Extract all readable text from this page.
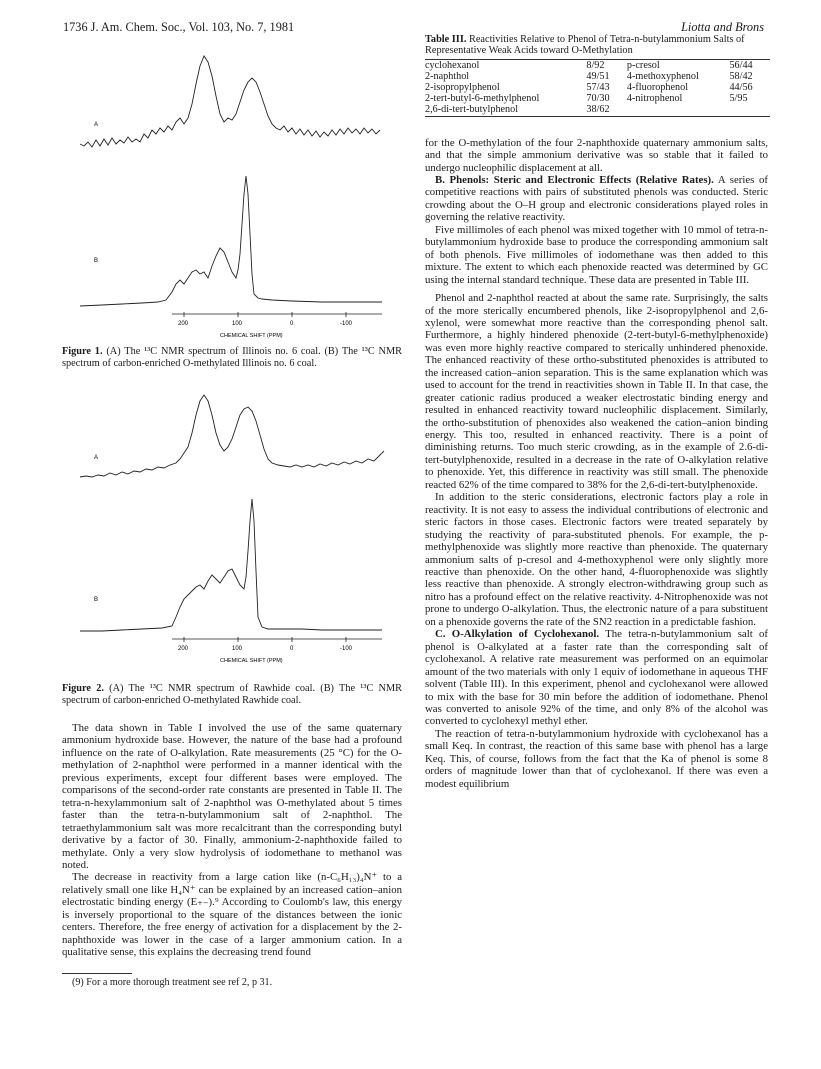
1736 J. Am. Chem. Soc., Vol. 103, No. 7, 1981	Liotta and Brons
A
B
200	100	0	-100
CHEMICAL SHIFT (PPM)
Figure 1. (A) The ¹³C NMR spectrum of Illinois no. 6 coal. (B) The ¹³C NMR spectrum of carbon-enriched O-methylated Illinois no. 6 coal.
A
B
200	100	0	-100
CHEMICAL SHIFT (PPM)
Figure 2. (A) The ¹³C NMR spectrum of Rawhide coal. (B) The ¹³C NMR spectrum of carbon-enriched O-methylated Rawhide coal.

The data shown in Table I involved the use of the same quaternary ammonium hydroxide base. However, the nature of the base had a profound influence on the rate of O-alkylation. Rate measurements (25 °C) for the O-methylation of 2-naphthol were performed in a manner identical with the previous experiments, except four different bases were employed. The comparisons of the second-order rate constants are presented in Table II. The tetra-n-hexylammonium salt of 2-naphthol was O-methylated about 5 times faster than the tetra-n-butylammonium salt of 2-naphthol. The tetraethylammonium salt was more recalcitrant than the corresponding butyl derivative by a factor of 30. Finally, ammonium-2-naphthoxide failed to methylate. Only a very slow hydrolysis of iodomethane to methanol was noted.

The decrease in reactivity from a large cation like (n-C₆H₁₃)₄N⁺ to a relatively small one like H₄N⁺ can be explained by an increased cation–anion electrostatic binding energy (E₊₋).⁹ According to Coulomb's law, this energy is inversely proportional to the square of the distances between the ionic centers. Therefore, the free energy of activation for a displacement by the 2-naphthoxide was lower in the case of a larger ammonium cation. In a qualitative sense, this explains the decreasing trend found

(9) For a more thorough treatment see ref 2, p 31.
Table III. Reactivities Relative to Phenol of Tetra-n-butylammonium Salts of Representative Weak Acids toward O-Methylation
cyclohexanol	8/92	p-cresol	56/44
2-naphthol	49/51	4-methoxyphenol	58/42
2-isopropylphenol	57/43	4-fluorophenol	44/56
2-tert-butyl-6-methylphenol	70/30	4-nitrophenol	5/95
2,6-di-tert-butylphenol	38/62		

for the O-methylation of the four 2-naphthoxide quaternary ammonium salts, and that the simple ammonium derivative was so stable that it failed to undergo nucleophilic displacement at all.

B. Phenols: Steric and Electronic Effects (Relative Rates). A series of competitive reactions with pairs of substituted phenols was conducted. Steric crowding about the O–H group and electronic considerations played roles in governing the relative reactivity.

Five millimoles of each phenol was mixed together with 10 mmol of tetra-n-butylammonium hydroxide base to produce the corresponding ammonium salt of both phenols. Five millimoles of iodomethane was then added to this mixture. The extent to which each phenoxide reacted was determined by GC using the internal standard technique. These data are presented in Table III.

Phenol and 2-naphthol reacted at about the same rate. Surprisingly, the salts of the more sterically encumbered phenols, like 2-isopropylphenol and 2,6-xylenol, were somewhat more reactive than the corresponding phenol salt. Furthermore, a highly hindered phenoxide (2-tert-butyl-6-methylphenoxide) was even more highly reactive compared to sterically unhindered phenoxide. The enhanced reactivity of these ortho-substituted phenoxides is attributed to the increased cation–anion separation. This is the same explanation which was used to account for the trend in reactivities shown in Table II. In that case, the greater cationic radius produced a weaker electrostatic binding energy and resulted in enhanced reactivity toward nucleophilic displacement. Similarly, the ortho-substitution of phenoxides also weakened the cation–anion binding energy. This too, resulted in enhanced reactivity. There is a point of diminishing returns. Too much steric crowding, as in the example of 2.6-di-tert-butylphenoxide, resulted in a decrease in the rate of O-alkylation relative to phenoxide. Yet, this difference in reactivity was still small. The phenoxide reacted 62% of the time compared to 38% for the 2,6-di-tert-butylphenoxide.

In addition to the steric considerations, electronic factors play a role in reactivity. It is not easy to assess the individual contributions of electronic and steric factors in those cases. Electronic factors were treated separately by studying the reactivity of para-substituted phenols. For example, the p-methylphenoxide was slightly more reactive than phenoxide. The quaternary ammonium salts of p-cresol and 4-methoxyphenol were only slightly more reactive than phenoxide. On the other hand, 4-fluorophenoxide was slightly less reactive than phenoxide. A strongly electron-withdrawing group such as nitro has a profound effect on the relative reactivity. 4-Nitrophenoxide was not prone to undergo O-alkylation. Thus, the electronic nature of a para substituent on a phenoxide governs the rate of the SN2 reaction in a predictable fashion.

C. O-Alkylation of Cyclohexanol. The tetra-n-butylammonium salt of phenol is O-alkylated at a faster rate than the corresponding salt of cyclohexanol. A relative rate measurement was performed on an equimolar amount of the two materials with only 1 equiv of iodomethane in aqueous THF solvent (Table III). In this experiment, phenol and cyclohexanol were allowed to mix with the base for 30 min before the addition of iodomethane. Phenol was converted to anisole 92% of the time, and only 8% of the alcohol was converted to cyclohexyl methyl ether.

The reaction of tetra-n-butylammonium hydroxide with cyclohexanol has a small Keq. In contrast, the reaction of this same base with phenol has a large Keq. This, of course, follows from the fact that the Ka of phenol is some 8 orders of magnitude lower than that of cyclohexanol. If there was even a modest equilibrium
